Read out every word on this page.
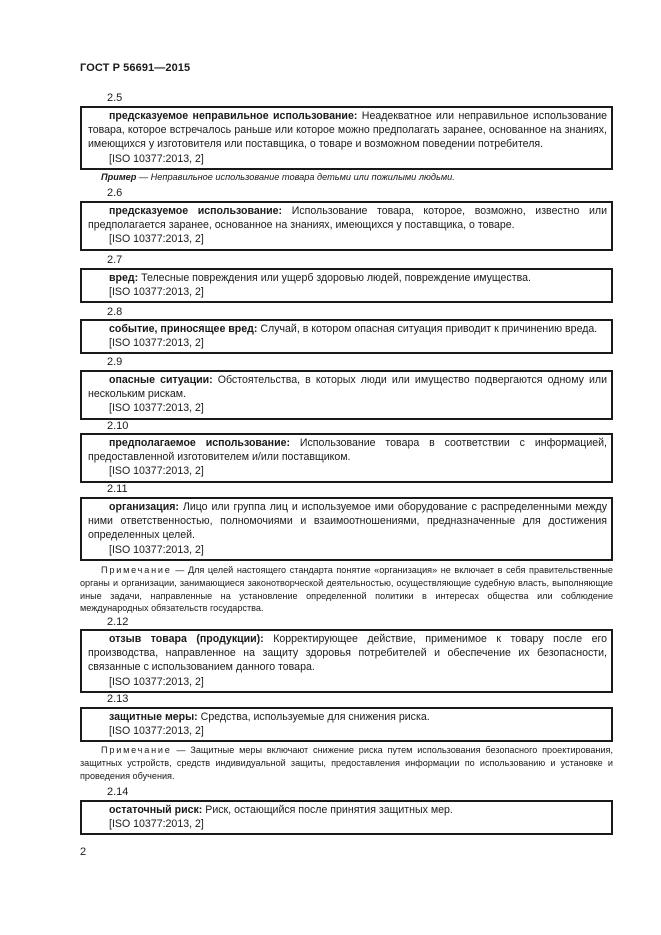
ГОСТ Р 56691—2015
2.5

предсказуемое неправильное использование: Неадекватное или неправильное использование товара, которое встречалось раньше или которое можно предполагать заранее, основанное на знаниях, имеющихся у изготовителя или поставщика, о товаре и возможном поведении потребителя.

[ISO 10377:2013, 2]
Пример — Неправильное использование товара детьми или пожилыми людьми.
2.6

предсказуемое использование: Использование товара, которое, возможно, известно или предполагается заранее, основанное на знаниях, имеющихся у поставщика, о товаре.

[ISO 10377:2013, 2]
2.7

вред: Телесные повреждения или ущерб здоровью людей, повреждение имущества.

[ISO 10377:2013, 2]
2.8

событие, приносящее вред: Случай, в котором опасная ситуация приводит к причинению вреда.

[ISO 10377:2013, 2]
2.9

опасные ситуации: Обстоятельства, в которых люди или имущество подвергаются одному или нескольким рискам.

[ISO 10377:2013, 2]
2.10

предполагаемое использование: Использование товара в соответствии с информацией, предоставленной изготовителем и/или поставщиком.

[ISO 10377:2013, 2]
2.11

организация: Лицо или группа лиц и используемое ими оборудование с распределенными между ними ответственностью, полномочиями и взаимоотношениями, предназначенные для достижения определенных целей.

[ISO 10377:2013, 2]
Примечание — Для целей настоящего стандарта понятие «организация» не включает в себя правительственные органы и организации, занимающиеся законотворческой деятельностью, осуществляющие судебную власть, выполняющие иные задачи, направленные на установление определенной политики в интересах общества или соблюдение международных обязательств государства.
2.12

отзыв товара (продукции): Корректирующее действие, применимое к товару после его производства, направленное на защиту здоровья потребителей и обеспечение их безопасности, связанные с использованием данного товара.

[ISO 10377:2013, 2]
2.13

защитные меры: Средства, используемые для снижения риска.

[ISO 10377:2013, 2]
Примечание — Защитные меры включают снижение риска путем использования безопасного проектирования, защитных устройств, средств индивидуальной защиты, предоставления информации по использованию и установке и проведения обучения.
2.14

остаточный риск: Риск, остающийся после принятия защитных мер.

[ISO 10377:2013, 2]
2
